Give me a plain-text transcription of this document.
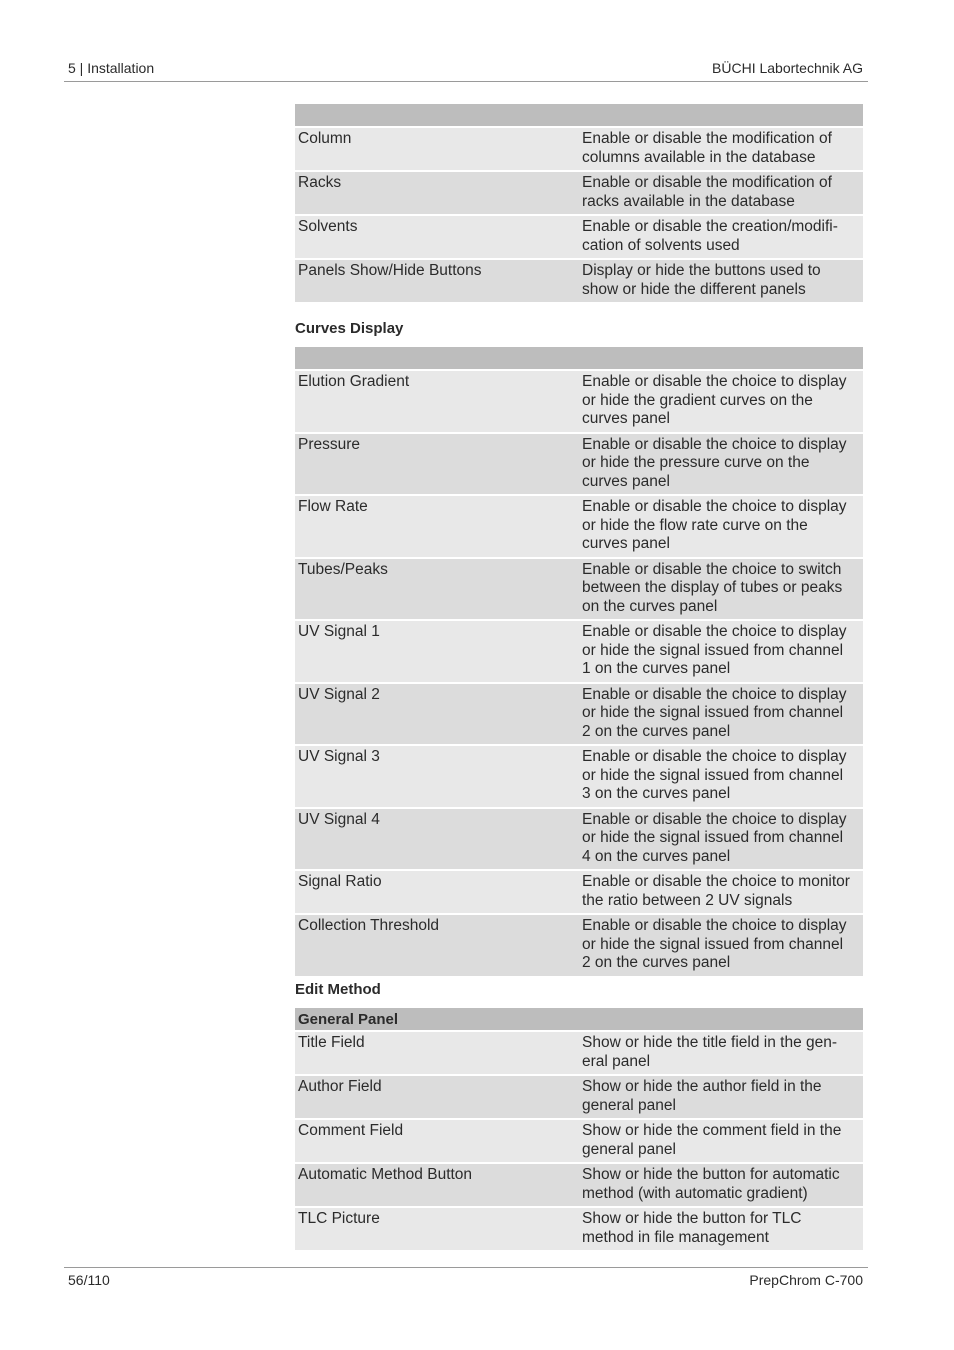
5 | Installation	BÜCHI Labortechnik AG
Column	Enable or disable the modification of
columns available in the database
Racks	Enable or disable the modification of
racks available in the database
Solvents	Enable or disable the creation/modifi-
cation of solvents used
Panels Show/Hide Buttons	Display or hide the buttons used to
show or hide the different panels
Curves Display
Elution Gradient	Enable or disable the choice to display
or hide the gradient curves on the
curves panel
Pressure	Enable or disable the choice to display
or hide the pressure curve on the
curves panel
Flow Rate	Enable or disable the choice to display
or hide the flow rate curve on the
curves panel
Tubes/Peaks	Enable or disable the choice to switch
between the display of tubes or peaks
on the curves panel
UV Signal 1	Enable or disable the choice to display
or hide the signal issued from channel
1 on the curves panel
UV Signal 2	Enable or disable the choice to display
or hide the signal issued from channel
2 on the curves panel
UV Signal 3	Enable or disable the choice to display
or hide the signal issued from channel
3 on the curves panel
UV Signal 4	Enable or disable the choice to display
or hide the signal issued from channel
4 on the curves panel
Signal Ratio	Enable or disable the choice to monitor
the ratio between 2 UV signals
Collection Threshold	Enable or disable the choice to display
or hide the signal issued from channel
2 on the curves panel
Edit Method
General Panel
Title Field	Show or hide the title field in the gen-
eral panel
Author Field	Show or hide the author field in the
general panel
Comment Field	Show or hide the comment field in the
general panel
Automatic Method Button	Show or hide the button for automatic
method (with automatic gradient)
TLC Picture	Show or hide the button for TLC
method in file management
56/110	PrepChrom C-700
